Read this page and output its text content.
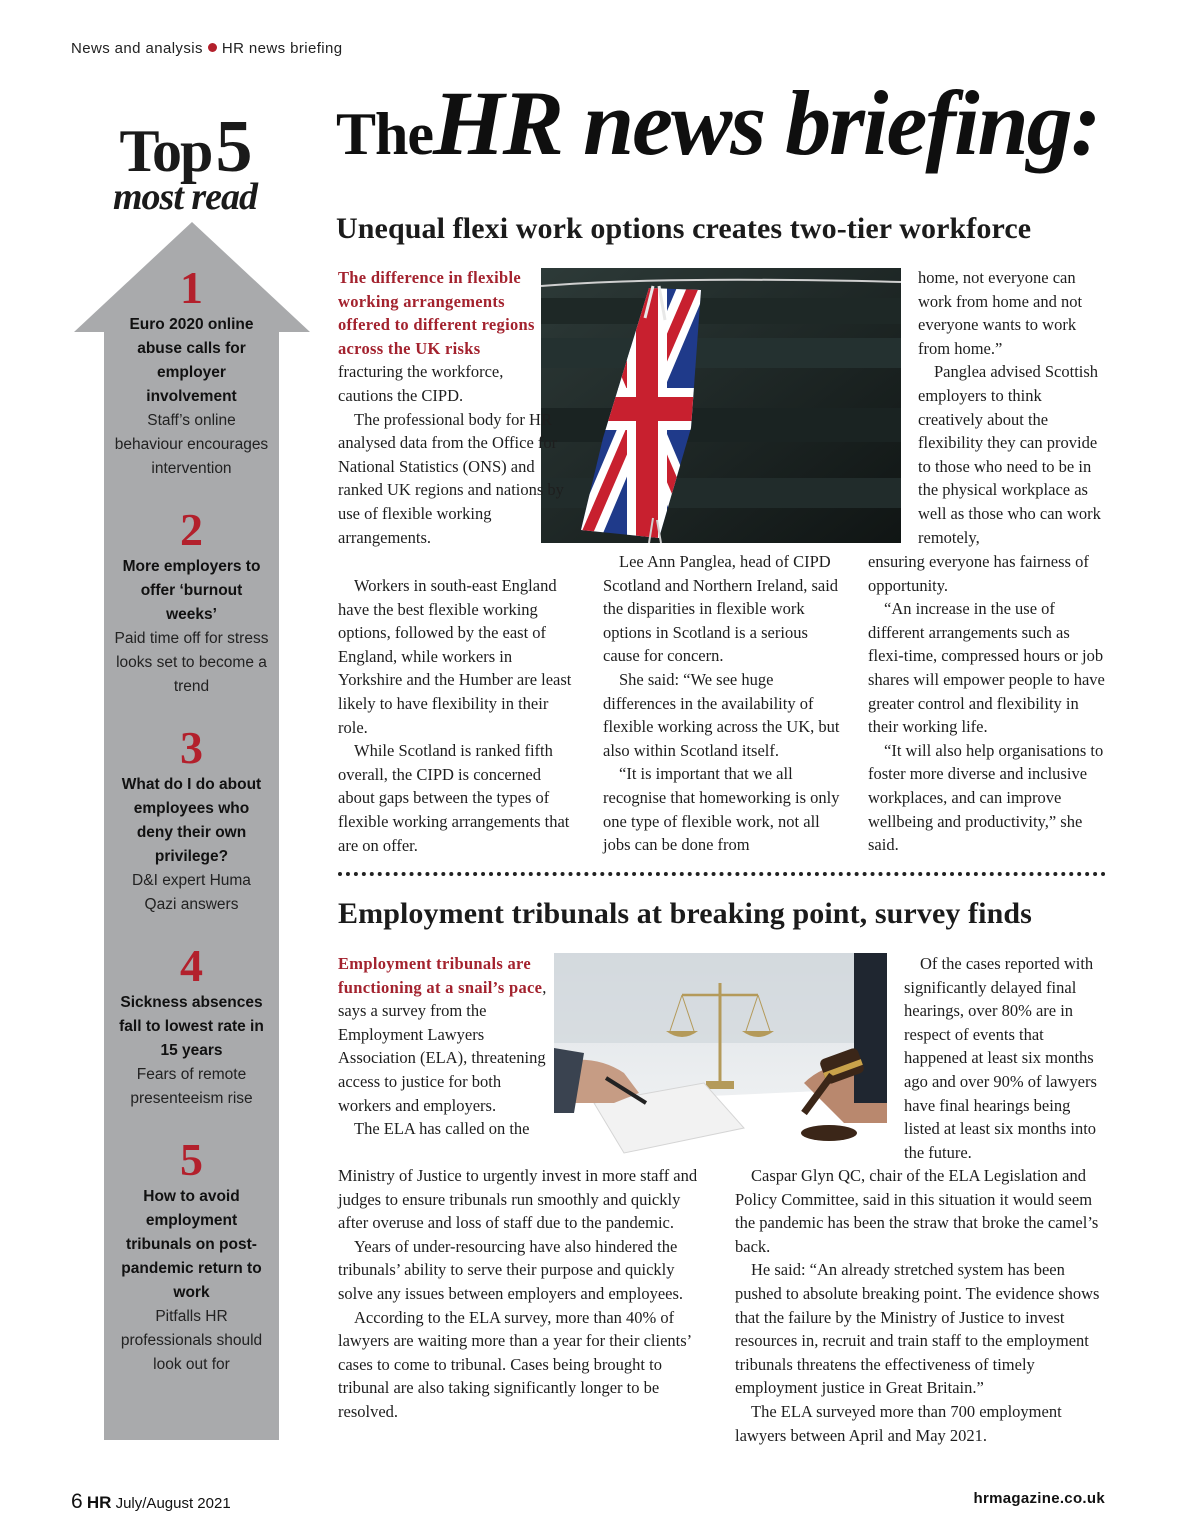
News and analysis HR news briefing
TheHR news briefing:
Top 5
most read
1
Euro 2020 online abuse calls for employer involvement
Staff’s online behaviour encourages intervention
2
More employers to offer ‘burnout weeks’
Paid time off for stress looks set to become a trend
3
What do I do about employees who deny their own privilege?
D&I expert Huma Qazi answers
4
Sickness absences fall to lowest rate in 15 years
Fears of remote presenteeism rise
5
How to avoid employment tribunals on post-pandemic return to work
Pitfalls HR professionals should look out for
Unequal flexi work options creates two-tier workforce

The difference in flexible working arrangements offered to different regions across the UK risks fracturing the workforce, cautions the CIPD.

The professional body for HR analysed data from the Office for National Statistics (ONS) and ranked UK regions and nations by use of flexible working arrangements.

Workers in south-east England have the best flexible working options, followed by the east of England, while workers in Yorkshire and the Humber are least likely to have flexibility in their role.

While Scotland is ranked fifth overall, the CIPD is concerned about gaps between the types of flexible working arrangements that are on offer.

Lee Ann Panglea, head of CIPD Scotland and Northern Ireland, said the disparities in flexible work options in Scotland is a serious cause for concern.

She said: “We see huge differences in the availability of flexible working across the UK, but also within Scotland itself.

“It is important that we all recognise that homeworking is only one type of flexible work, not all jobs can be done from

home, not everyone can work from home and not everyone wants to work from home.”

Panglea advised Scottish employers to think creatively about the flexibility they can provide to those who need to be in the physical workplace as well as those who can work remotely,

ensuring everyone has fairness of opportunity.

“An increase in the use of different arrangements such as flexi-time, compressed hours or job shares will empower people to have greater control and flexibility in their working life.

“It will also help organisations to foster more diverse and inclusive workplaces, and can improve wellbeing and productivity,” she said.

Employment tribunals at breaking point, survey finds

Employment tribunals are functioning at a snail’s pace, says a survey from the Employment Lawyers Association (ELA), threatening access to justice for both workers and employers.

The ELA has called on the

Ministry of Justice to urgently invest in more staff and judges to ensure tribunals run smoothly and quickly after overuse and loss of staff due to the pandemic.

Years of under-resourcing have also hindered the tribunals’ ability to serve their purpose and quickly solve any issues between employers and employees.

According to the ELA survey, more than 40% of lawyers are waiting more than a year for their clients’ cases to come to tribunal. Cases being brought to tribunal are also taking significantly longer to be resolved.

Of the cases reported with significantly delayed final hearings, over 80% are in respect of events that happened at least six months ago and over 90% of lawyers have final hearings being listed at least six months into the future.

Caspar Glyn QC, chair of the ELA Legislation and Policy Committee, said in this situation it would seem the pandemic has been the straw that broke the camel’s back.

He said: “An already stretched system has been pushed to absolute breaking point. The evidence shows that the failure by the Ministry of Justice to invest resources in, recruit and train staff to the employment tribunals threatens the effectiveness of timely employment justice in Great Britain.”

The ELA surveyed more than 700 employment lawyers between April and May 2021.

6 HR July/August 2021	hrmagazine.co.uk
